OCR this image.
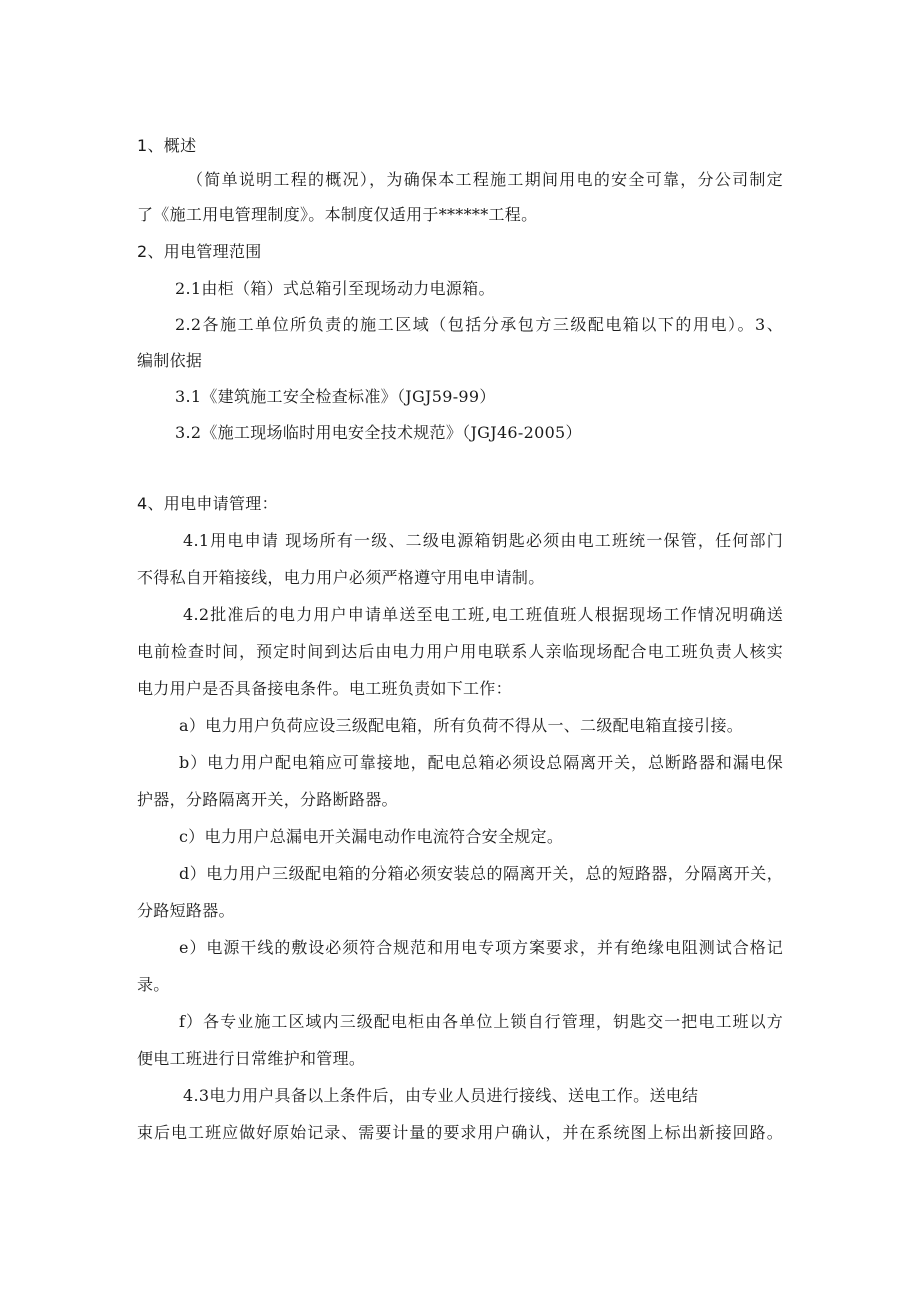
1、概述
（简单说明工程的概况），为确保本工程施工期间用电的安全可靠，分公司制定
了《施工用电管理制度》。本制度仅适用于******工程。
2、用电管理范围
2.1由柜（箱）式总箱引至现场动力电源箱。
2.2各施工单位所负责的施工区域（包括分承包方三级配电箱以下的用电）。3、
编制依据
3.1《建筑施工安全检查标准》（JGJ59-99）
3.2《施工现场临时用电安全技术规范》（JGJ46-2005）
4、用电申请管理：
4.1用电申请 现场所有一级、二级电源箱钥匙必须由电工班统一保管，任何部门
不得私自开箱接线，电力用户必须严格遵守用电申请制。
4.2批准后的电力用户申请单送至电工班,电工班值班人根据现场工作情况明确送
电前检查时间，预定时间到达后由电力用户用电联系人亲临现场配合电工班负责人核实
电力用户是否具备接电条件。电工班负责如下工作：
a）电力用户负荷应设三级配电箱，所有负荷不得从一、二级配电箱直接引接。
b）电力用户配电箱应可靠接地，配电总箱必须设总隔离开关，总断路器和漏电保
护器，分路隔离开关，分路断路器。
c）电力用户总漏电开关漏电动作电流符合安全规定。
d）电力用户三级配电箱的分箱必须安装总的隔离开关，总的短路器，分隔离开关，
分路短路器。
e）电源干线的敷设必须符合规范和用电专项方案要求，并有绝缘电阻测试合格记
录。
f）各专业施工区域内三级配电柜由各单位上锁自行管理，钥匙交一把电工班以方
便电工班进行日常维护和管理。
4.3电力用户具备以上条件后，由专业人员进行接线、送电工作。送电结
束后电工班应做好原始记录、需要计量的要求用户确认，并在系统图上标出新接回路。
